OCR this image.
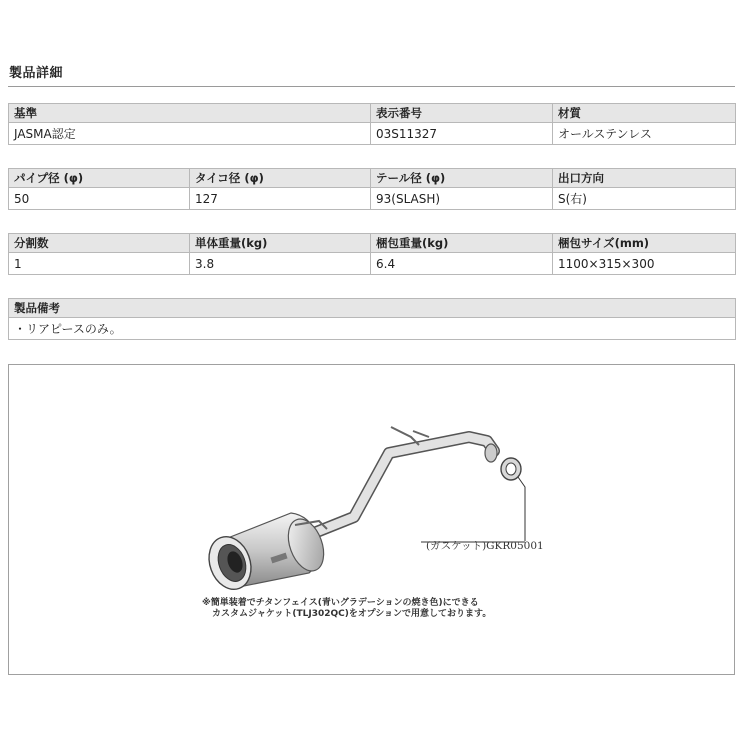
製品詳細
基準	表示番号	材質
JASMA認定	03S11327	オールステンレス
パイプ径 (φ)	タイコ径 (φ)	テール径 (φ)	出口方向
50	127	93(SLASH)	S(右)
分割数	単体重量(kg)	梱包重量(kg)	梱包サイズ(mm)
1	3.8	6.4	1100×315×300
製品備考
・リアピースのみ。
(ガスケット)GKR05001
※簡単装着でチタンフェイス(青いグラデーションの焼き色)にできる
カスタムジャケット(TLJ302QC)をオプションで用意しております。
